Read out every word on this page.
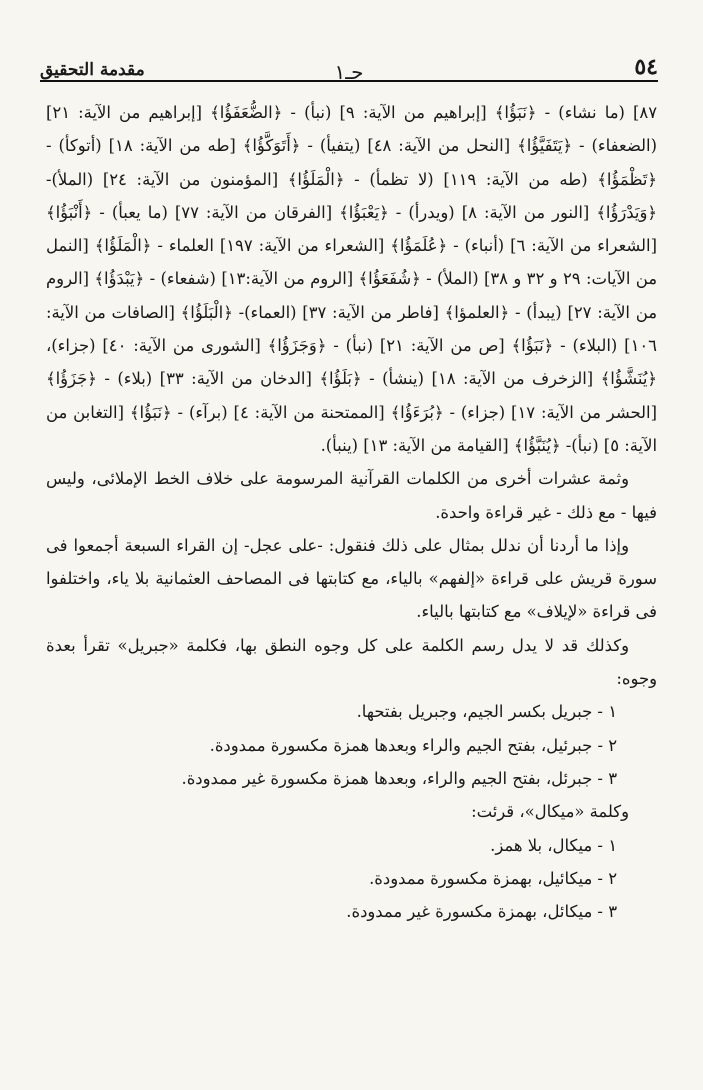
٥٤
جـ١
مقدمة التحقيق

٨٧] (ما نشاء) - ﴿نَبَؤُا﴾ [إبراهيم من الآية: ٩] (نبأ) - ﴿الضُّعَفَؤُا﴾ [إبراهيم من الآية: ٢١] (الضعفاء) - ﴿يَتَفَيَّؤُا﴾ [النحل من الآية: ٤٨] (يتفيأ) - ﴿أَتَوَكَّؤُا﴾ [طه من الآية: ١٨] (أتوكأ) - ﴿تَظْمَؤُا﴾ (طه من الآية: ١١٩] (لا تظمأ) - ﴿الْمَلَؤُا﴾ [المؤمنون من الآية: ٢٤] (الملأ)- ﴿وَيَدْرَؤُا﴾ [النور من الآية: ٨] (ويدرأ) - ﴿يَعْبَؤُا﴾ [الفرقان من الآية: ٧٧] (ما يعبأ) - ﴿أَنْبَؤُا﴾ [الشعراء من الآية: ٦] (أنباء) - ﴿عُلَمَؤُا﴾ [الشعراء من الآية: ١٩٧] العلماء - ﴿الْمَلَؤُا﴾ [النمل من الآيات: ٢٩ و ٣٢ و ٣٨] (الملأ) - ﴿شُفَعَؤُا﴾ [الروم من الآية:١٣] (شفعاء) - ﴿يَبْدَؤُا﴾ [الروم من الآية: ٢٧] (يبدأ) - ﴿العلمؤا﴾ [فاطر من الآية: ٣٧] (العماء)- ﴿الْبَلَؤُا﴾ [الصافات من الآية: ١٠٦] (البلاء) - ﴿نَبَؤُا﴾ [ص من الآية: ٢١] (نبأ) - ﴿وَجَزَؤُا﴾ [الشورى من الآية: ٤٠] (جزاء)، ﴿يُنَشَّؤُا﴾ [الزخرف من الآية: ١٨] (ينشأ) - ﴿بَلَؤُا﴾ [الدخان من الآية: ٣٣] (بلاء) - ﴿جَزَؤُا﴾ [الحشر من الآية: ١٧] (جزاء) - ﴿بُرَءَؤُا﴾ [الممتحنة من الآية: ٤] (برآء) - ﴿نَبَؤُا﴾ [التغابن من الآية: ٥] (نبأ)- ﴿يُنَبَّؤُا﴾ [القيامة من الآية: ١٣] (ينبأ).

وثمة عشرات أخرى من الكلمات القرآنية المرسومة على خلاف الخط الإملائى، وليس فيها - مع ذلك - غير قراءة واحدة.

وإذا ما أردنا أن ندلل بمثال على ذلك فنقول: -على عجل- إن القراء السبعة أجمعوا فى سورة قريش على قراءة «إلفهم» بالياء، مع كتابتها فى المصاحف العثمانية بلا ياء، واختلفوا فى قراءة «لإيلاف» مع كتابتها بالياء.

وكذلك قد لا يدل رسم الكلمة على كل وجوه النطق بها، فكلمة «جبريل» تقرأ بعدة وجوه:

١ - جبريل بكسر الجيم، وجبريل بفتحها.
٢ - جبرئيل، بفتح الجيم والراء وبعدها همزة مكسورة ممدودة.
٣ - جبرئل، بفتح الجيم والراء، وبعدها همزة مكسورة غير ممدودة.

وكلمة «ميكال»، قرئت:

١ - ميكال، بلا همز.
٢ - ميكائيل، بهمزة مكسورة ممدودة.
٣ - ميكائل، بهمزة مكسورة غير ممدودة.
